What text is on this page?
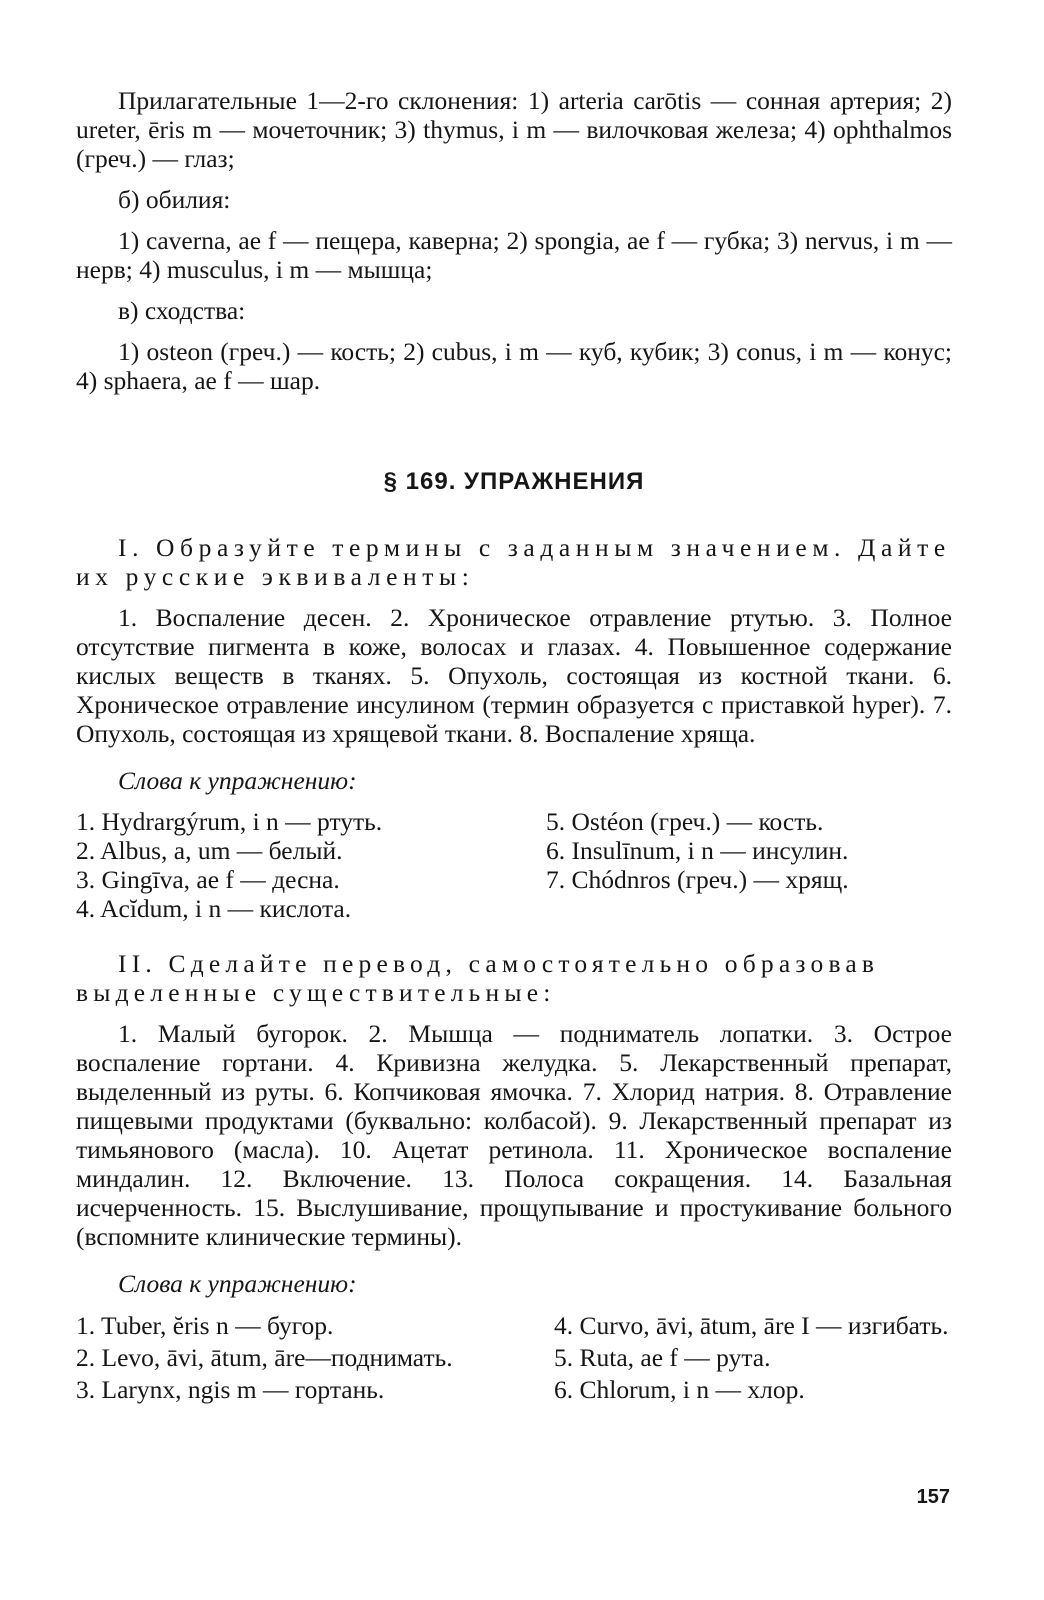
Прилагательные 1—2-го склонения: 1) arteria carōtis — сонная артерия; 2) ureter, ēris m — мочеточник; 3) thymus, i m — вилочковая железа; 4) ophthalmos (греч.) — глаз;

б) обилия:

1) caverna, ae f — пещера, каверна; 2) spongia, ae f — губка; 3) nervus, i m — нерв; 4) musculus, i m — мышца;

в) сходства:

1) osteon (греч.) — кость; 2) cubus, i m — куб, кубик; 3) conus, i m — конус; 4) sphaera, ae f — шар.

§ 169. УПРАЖНЕНИЯ

I. Образуйте термины с заданным значением. Дайте их русские эквиваленты:

1. Воспаление десен. 2. Хроническое отравление ртутью. 3. Полное отсутствие пигмента в коже, волосах и глазах. 4. Повышенное содержание кислых веществ в тканях. 5. Опухоль, состоящая из костной ткани. 6. Хроническое отравление инсулином (термин образуется с приставкой hyper). 7. Опухоль, состоящая из хрящевой ткани. 8. Воспаление хряща.

Слова к упражнению:

1. Hydrargýrum, i n — ртуть.

2. Albus, a, um — белый.

3. Gingīva, ae f — десна.

4. Acĭdum, i n — кислота.

5. Ostéon (греч.) — кость.

6. Insulīnum, i n — инсулин.

7. Chódnros (греч.) — хрящ.

II. Сделайте перевод, самостоятельно образовав выделенные существительные:

1. Малый бугорок. 2. Мышца — подниматель лопатки. 3. Острое воспаление гортани. 4. Кривизна желудка. 5. Лекарственный препарат, выделенный из руты. 6. Копчиковая ямочка. 7. Хлорид натрия. 8. Отравление пищевыми продуктами (буквально: колбасой). 9. Лекарственный препарат из тимьянового (масла). 10. Ацетат ретинола. 11. Хроническое воспаление миндалин. 12. Включение. 13. Полоса сокращения. 14. Базальная исчерченность. 15. Выслушивание, прощупывание и простукивание больного (вспомните клинические термины).

Слова к упражнению:

1. Tuber, ĕris n — бугор.

2. Levo, āvi, ātum, āre—поднимать.

3. Larynx, ngis m — гортань.

4. Curvo, āvi, ātum, āre I — изгибать.

5. Ruta, ae f — рута.

6. Chlorum, i n — хлор.

157
